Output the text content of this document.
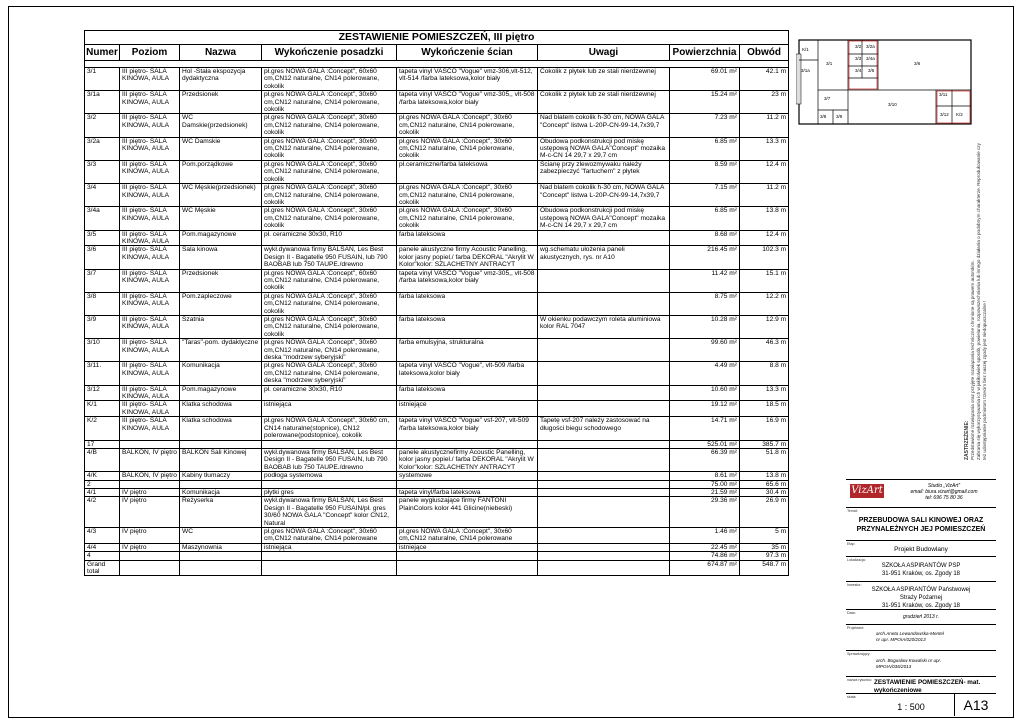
ZESTAWIENIE POMIESZCZEŃ, III piętro							
Numer	Poziom	Nazwa	Wykończenie posadzki	Wykończenie ścian	Uwagi	Powierzchnia	Obwód

3/1	III piętro- SALA KINOWA, AULA	Hol -Stała ekspozycja dydaktyczna	pł.gres NOWA GALA :Concept", 60x60 cm,CN12 naturalne, CN14 polerowane, cokolik	tapeta vinyl VASCO "Vogue" vmz-306,vlt-512, vlt-514 /farba lateksowa,kolor biały	Cokolik z płytek lub ze stali nierdzewnej	69.01 m²	42.1 m
3/1a	III piętro- SALA KINOWA, AULA	Przedsionek	pł.gres NOWA GALA :Concept", 30x60 cm,CN12 naturalne, CN14 polerowane, cokolik	tapeta vinyl VASCO "Vogue" vmz-305,, vlt-508 /farba lateksowa,kolor biały	Cokolik z płytek lub ze stali nierdzewnej	15.24 m²	23 m
3/2	III piętro- SALA KINOWA, AULA	WC Damskie(przedsionek)	pł.gres NOWA GALA :Concept", 30x60 cm,CN12 naturalne, CN14 polerowane, cokolik	pł.gres NOWA GALA :Concept", 30x60 cm,CN12 naturalne, CN14 polerowane, cokolik	Nad blatem cokolik h-30 cm, NOWA GALA "Concept" listwa L-20P-CN-99-14,7x39,7	7.23 m²	11.2 m
3/2a	III piętro- SALA KINOWA, AULA	WC Damskie	pł.gres NOWA GALA :Concept", 30x60 cm,CN12 naturalne, CN14 polerowane, cokolik	pł.gres NOWA GALA :Concept", 30x60 cm,CN12 naturalne, CN14 polerowane, cokolik	Obudowa podkonstrukcji pod miskę ustępową NOWA GALA"Concept" mozaika M-c-CN 14 29,7 x 29,7 cm	6.85 m²	13.3 m
3/3	III piętro- SALA KINOWA, AULA	Pom.porządkowe	pł.gres NOWA GALA :Concept", 30x60 cm,CN12 naturalne, CN14 polerowane, cokolik	pł.ceramiczne/farba lateksowa	Ścianę przy zlewozmywaku należy zabezpieczyć "fartuchem" z płytek	8.59 m²	12.4 m
3/4	III piętro- SALA KINOWA, AULA	WC Męskie(przedsionek)	pł.gres NOWA GALA :Concept", 30x60 cm,CN12 naturalne, CN14 polerowane, cokolik	pł.gres NOWA GALA :Concept", 30x60 cm,CN12 naturalne, CN14 polerowane, cokolik	Nad blatem cokolik h-30 cm, NOWA GALA "Concept" listwa L-20P-CN-99-14,7x39,7	7.15 m²	11.2 m
3/4a	III piętro- SALA KINOWA, AULA	WC Męskie	pł.gres NOWA GALA :Concept", 30x60 cm,CN12 naturalne, CN14 polerowane, cokolik	pł.gres NOWA GALA :Concept", 30x60 cm,CN12 naturalne, CN14 polerowane, cokolik	Obudowa podkonstrukcji pod miskę ustępową NOWA GALA"Concept" mozaika M-c-CN 14 29,7 x 29,7 cm	6.85 m²	13.8 m
3/5	III piętro- SALA KINOWA, AULA	Pom.magazynowe	pł. ceramiczne 30x30, R10	farba lateksowa		8.68 m²	12.4 m
3/6	III piętro- SALA KINOWA, AULA	Sala kinowa	wykł.dywanowa firmy BALSAN, Les Best Design II - Bagatelle 950 FUSAIN, lub 790 BAOBAB lub 750 TAUPE./drewno	panele akustyczne firmy Acoustic Panelling, kolor jasny popiel./ farba DEKORAL "Akrylit W Kolor"kolor: SZLACHETNY ANTRACYT	wg.schematu ułożenia paneli akustycznych, rys. nr A10	216.45 m²	102.3 m
3/7	III piętro- SALA KINOWA, AULA	Przedsionek	pł.gres NOWA GALA :Concept", 60x60 cm,CN12 naturalne, CN14 polerowane, cokolik	tapeta vinyl VASCO "Vogue" vmz-305,, vlt-508 /farba lateksowa,kolor biały		11.42 m²	15.1 m
3/8	III piętro- SALA KINOWA, AULA	Pom.zapleczowe	pł.gres NOWA GALA :Concept", 30x60 cm,CN12 naturalne, CN14 polerowane, cokolik	farba lateksowa		8.75 m²	12.2 m
3/9	III piętro- SALA KINOWA, AULA	Szatnia	pł.gres NOWA GALA :Concept", 30x60 cm,CN12 naturalne, CN14 polerowane, cokolik	farba lateksowa	W okienku podawczym roleta aluminiowa kolor RAL 7047	10.28 m²	12.9 m
3/10	III piętro- SALA KINOWA, AULA	"Taras"-pom. dydaktyczne	pł.gres NOWA GALA :Concept", 30x60 cm,CN12 naturalne, CN14 polerowane, deska "modrzew syberyjski"	farba emulsyjna, strukturalna		99.60 m²	46.3 m
3/11.	III piętro- SALA KINOWA, AULA	Komunikacja	pł.gres NOWA GALA :Concept", 30x60 cm,CN12 naturalne, CN14 polerowane, deska "modrzew syberyjski"	tapeta vinyl VASCO "Vogue", vlt-509 /farba lateksowa,kolor biały		4.49 m²	8.8 m
3/12	III piętro- SALA KINOWA, AULA	Pom.magazynowe	pł. ceramiczne 30x30, R10	farba lateksowa		10.60 m²	13.3 m
K/1	III piętro- SALA KINOWA, AULA	Klatka schodowa	istniejąca	istniejące		19.12 m²	18.5 m
K/2	III piętro- SALA KINOWA, AULA	Klatka schodowa	pł.gres NOWA GALA :Concept", 30x60 cm, CN14 naturalne(stopnice), CN12 polerowane(podstopnice), cokolik	tapeta vinyl VASCO "Vogue" vsf-207, vlt-509 /farba lateksowa,kolor biały	Tapetę vsf-207 należy zastosować na długości biegu schodowego	14.71 m²	16.9 m
17						525.01 m²	385.7 m
4/B	BALKON, IV piętro	BALKON Sali Kinowej	wykł.dywanowa firmy BALSAN, Les Best Design II - Bagatelle 950 FUSAIN, lub 790 BAOBAB lub 750 TAUPE./drewno	panele akustycznefirmy Acoustic Panelling, kolor jasny popiel./ farba DEKORAL "Akrylit W Kolor"kolor: SZLACHETNY ANTRACYT		66.39 m²	51.8 m
4/K	BALKON, IV piętro	Kabiny tłumaczy	podłoga systemowa	systemowe		8.61 m²	13.8 m
2						75.00 m²	65.6 m
4/1	IV piętro	Komunikacja	płytki gres	tapeta vinyl/farba lateksowa		21.59 m²	30.4 m
4/2	IV piętro	Reżyserka	wykł.dywanowa firmy BALSAN, Les Best Design II - Bagatelle 950 FUSAIN/pł. gres 30/60 NOWA GALA "Concept" kolor CN12, Natural	panele wygłuszające firmy FANTONI PlainColors kolor 441 Glicine(niebeski)		29.36 m²	26.9 m
4/3	IV piętro	WC	pł.gres NOWA GALA :Concept", 30x60 cm,CN12 naturalne, CN14 polerowane	pł.gres NOWA GALA :Concept", 30x60 cm,CN12 naturalne, CN14 polerowane		1.46 m²	5 m
4/4	IV piętro	Maszynownia	istniejąca	istniejące		22.45 m²	35 m
4						74.86 m²	97.3 m
Grand total						674.87 m²	548.7 m
K/1
3/1a
3/1
3/2 3/2a
3/3
3/4
3/4a
3/5
3/6
3/7
3/8 3/9
3/10
3/11
3/12 K/2
ZASTRZEŻENIE: Przedstawione rozwiązania oraz przyjęte rozwiązania techniczne chronione są prawem autorskim. Zabrania się wykorzystywania ich w jakikolwiek sposób, powielania, rozpowszechniania lub innego działania o podobnym charakterze. Reprodukowanie czy też udostępnianie podmiotom trzecim bez naszej zgody jest niedopuszczalne !
VizArt	Studio „VizArt”
email: biura.vizart@gmail.com
tel: 696 75 80 36
Temat:
PRZEBUDOWA SALI KINOWEJ ORAZ PRZYNALEŻNYCH JEJ POMIESZCZEŃ
Etap:
Projekt Budowlany
Lokalizacja:
SZKOŁA ASPIRANTÓW PSP
31-951 Kraków, os. Zgody 18
Inwestor:
SZKOŁA ASPIRANTÓW Państwowej
Straży Pożarnej
31-951 Kraków, os. Zgody 18
Data:
grudzień 2013 r.
Projektant:
arch.Aneta Lewandowska-Mentel
nr upr. MPOIA/020/2013
Sprawdzający:
arch. Bogusław Kowalski nr upr.
MPOIA/036/2013
nazwa rysunku: ZESTAWIENIE POMIESZCZEŃ- mat. wykończeniowe
skala:
1 : 500	A13
